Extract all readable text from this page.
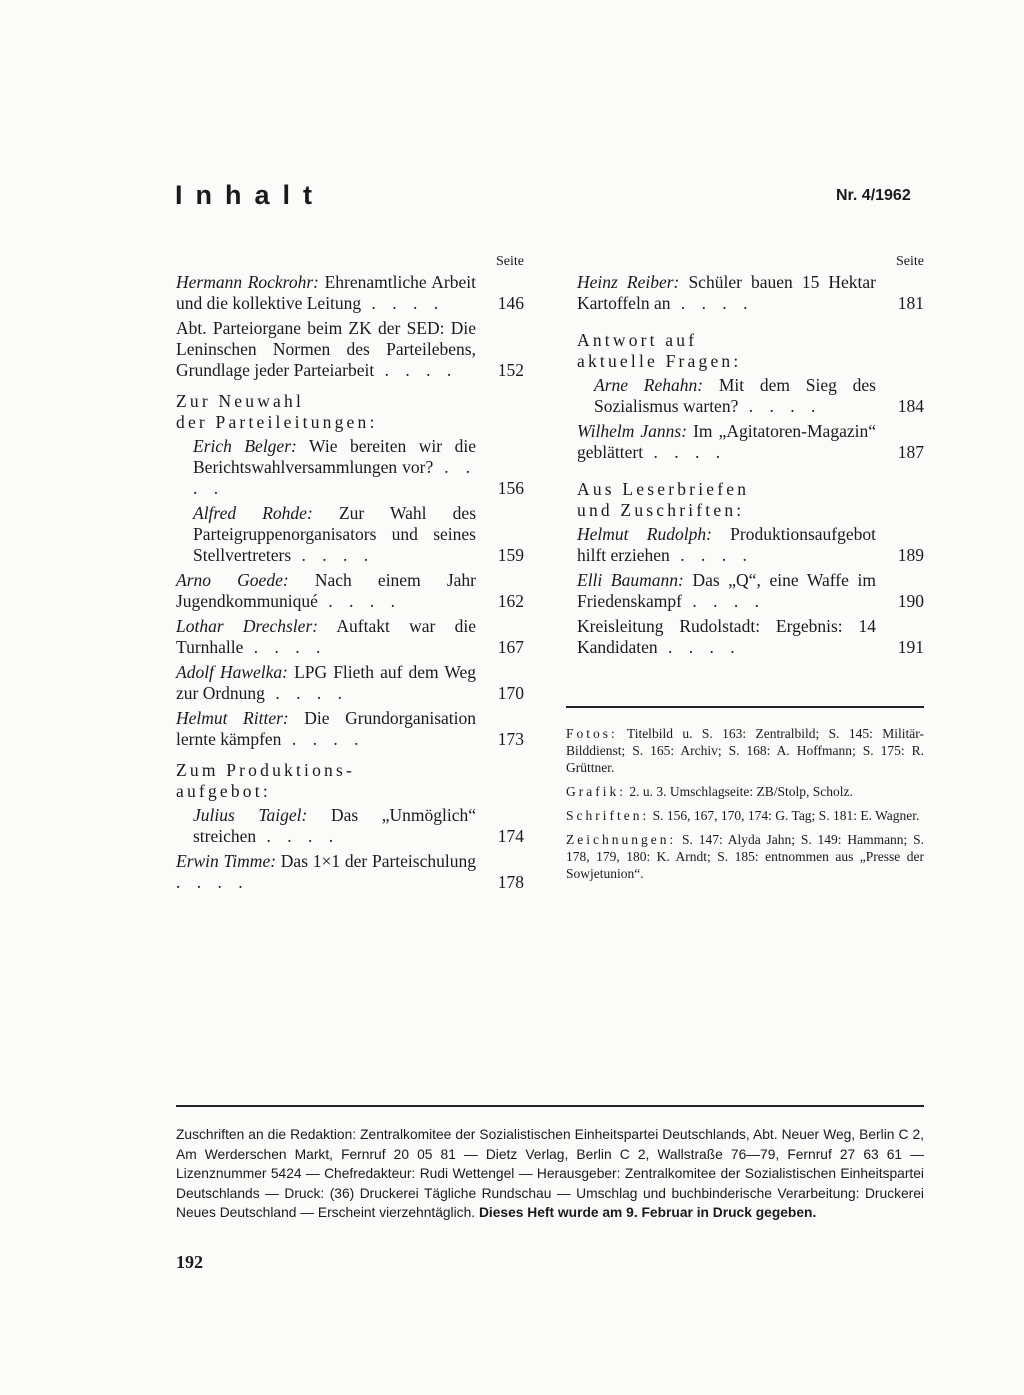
Inhalt	Nr. 4/1962
Seite
Hermann Rockrohr: Ehrenamtliche Arbeit und die kollektive Leitung . . . .	146
Abt. Parteiorgane beim ZK der SED: Die Leninschen Normen des Parteilebens, Grundlage jeder Parteiarbeit . . . .	152
Zur Neuwahl
der Parteileitungen:
Erich Belger: Wie bereiten wir die Berichtswahlversammlungen vor? . . . .	156
Alfred Rohde: Zur Wahl des Parteigruppenorganisators und seines Stellvertreters . . . .	159
Arno Goede: Nach einem Jahr Jugendkommuniqué . . . .	162
Lothar Drechsler: Auftakt war die Turnhalle . . . .	167
Adolf Hawelka: LPG Flieth auf dem Weg zur Ordnung . . . .	170
Helmut Ritter: Die Grundorganisation lernte kämpfen . . . .	173
Zum Produktions-
aufgebot:
Julius Taigel: Das „Unmöglich“ streichen . . . .	174
Erwin Timme: Das 1×1 der Parteischulung . . . .	178
Seite
Heinz Reiber: Schüler bauen 15 Hektar Kartoffeln an . . . .	181
Antwort auf
aktuelle Fragen:
Arne Rehahn: Mit dem Sieg des Sozialismus warten? . . . .	184
Wilhelm Janns: Im „Agitatoren-Magazin“ geblättert . . . .	187
Aus Leserbriefen
und Zuschriften:
Helmut Rudolph: Produktionsaufgebot hilft erziehen . . . .	189
Elli Baumann: Das „Q“, eine Waffe im Friedenskampf . . . .	190
Kreisleitung Rudolstadt: Ergebnis: 14 Kandidaten . . . .	191
Fotos: Titelbild u. S. 163: Zentralbild; S. 145: Militär-Bilddienst; S. 165: Archiv; S. 168: A. Hoffmann; S. 175: R. Grüttner.
Grafik: 2. u. 3. Umschlagseite: ZB/Stolp, Scholz.
Schriften: S. 156, 167, 170, 174: G. Tag; S. 181: E. Wagner.
Zeichnungen: S. 147: Alyda Jahn; S. 149: Hammann; S. 178, 179, 180: K. Arndt; S. 185: entnommen aus „Presse der Sowjetunion“.
Zuschriften an die Redaktion: Zentralkomitee der Sozialistischen Einheitspartei Deutschlands, Abt. Neuer Weg, Berlin C 2, Am Werderschen Markt, Fernruf 20 05 81 — Dietz Verlag, Berlin C 2, Wallstraße 76—79, Fernruf 27 63 61 — Lizenznummer 5424 — Chefredakteur: Rudi Wettengel — Herausgeber: Zentralkomitee der Sozialistischen Einheitspartei Deutschlands — Druck: (36) Druckerei Tägliche Rundschau — Umschlag und buchbinderische Verarbeitung: Druckerei Neues Deutschland — Erscheint vierzehntäglich. Dieses Heft wurde am 9. Februar in Druck gegeben.
192
